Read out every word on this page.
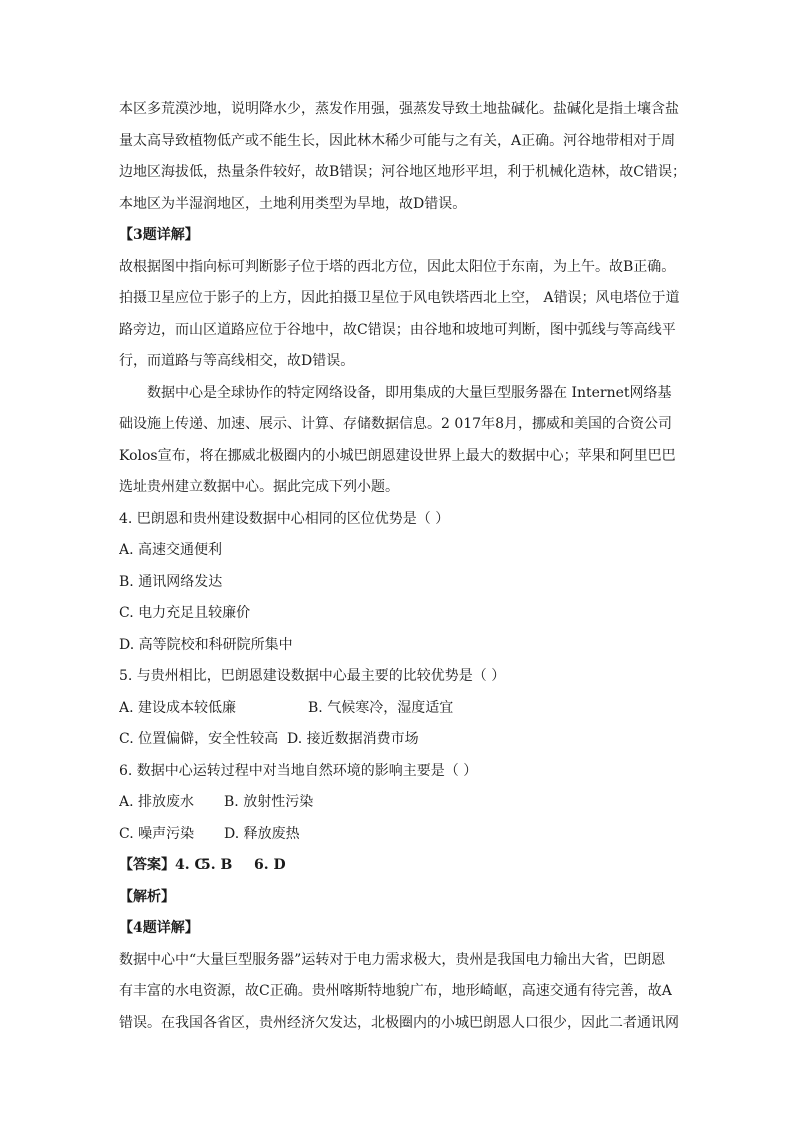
本区多荒漠沙地，说明降水少，蒸发作用强，强蒸发导致土地盐碱化。盐碱化是指土壤含盐
量太高导致植物低产或不能生长，因此林木稀少可能与之有关，A正确。河谷地带相对于周
边地区海拔低，热量条件较好，故B错误；河谷地区地形平坦，利于机械化造林，故C错误；
本地区为半湿润地区，土地利用类型为旱地，故D错误。
【3题详解】
故根据图中指向标可判断影子位于塔的西北方位，因此太阳位于东南，为上午。故B正确。
拍摄卫星应位于影子的上方，因此拍摄卫星位于风电铁塔西北上空， A错误；风电塔位于道
路旁边，而山区道路应位于谷地中，故C错误；由谷地和坡地可判断，图中弧线与等高线平
行，而道路与等高线相交，故D错误。
数据中心是全球协作的特定网络设备，即用集成的大量巨型服务器在 Internet网络基
础设施上传递、加速、展示、计算、存储数据信息。2 017年8月，挪威和美国的合资公司
Kolos宣布，将在挪威北极圈内的小城巴朗恩建设世界上最大的数据中心；苹果和阿里巴巴
选址贵州建立数据中心。据此完成下列小题。
4. 巴朗恩和贵州建设数据中心相同的区位优势是（ ）
A. 高速交通便利
B. 通讯网络发达
C. 电力充足且较廉价
D. 高等院校和科研院所集中
5. 与贵州相比，巴朗恩建设数据中心最主要的比较优势是（ ）
A. 建设成本较低廉	B. 气候寒冷，湿度适宜
C. 位置偏僻，安全性较高 D. 接近数据消费市场
6. 数据中心运转过程中对当地自然环境的影响主要是（ ）
A. 排放废水 B. 放射性污染
C. 噪声污染 D. 释放废热
【答案】4. C5. B 6. D
【解析】
【4题详解】
数据中心中“大量巨型服务器”运转对于电力需求极大，贵州是我国电力输出大省，巴朗恩
有丰富的水电资源，故C正确。贵州喀斯特地貌广布，地形崎岖，高速交通有待完善，故A
错误。在我国各省区，贵州经济欠发达，北极圈内的小城巴朗恩人口很少，因此二者通讯网
